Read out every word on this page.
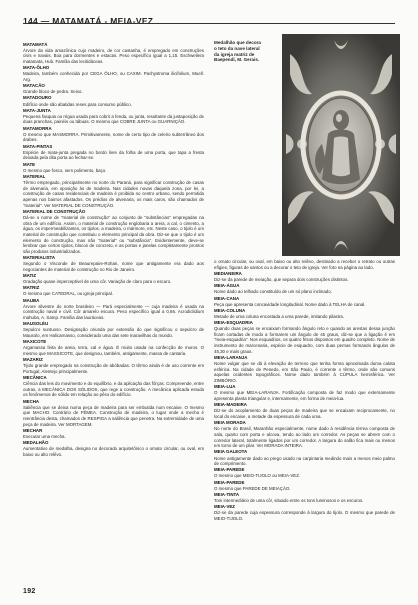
144 — MATAMATÁ - MEIA-VEZ

MATAMATÁ

Árvore da vida amazônica cujo madeiro, de cor castanha, é empregado em construções civis e navais. Boa para dormentes e estacas. Peso específico igual a 1,15. Eschweilera matamata, Hub. Família das lecitidáceas.

MATA-ÔLHO

Madeira, também conhecida por CEGA ÔLHO, ou CAXIM. Pachystroma ilicifolium, Muell. Arg.

MATACÃO

Grande bloco de pedra. Seixo.

MATADOURO

Edifício onde são abatidas reses para consumo público.

MATA-JUNTA

Pequena fasquia ou régua usada para cobrir a fenda, ou junta, resultante da justaposição de duas pranchas, painéis ou tábuas. O mesmo que COBRE JUNTA ou GUARNIÇÃO.

MATAMORRA

O mesmo que MASMORRA. Primitivamente, nome de certo tipo de celeiro subterrâneo dos árabes.

MATA-PINTAS

Espécie de mata-junta pregada no bordo livre da folha de uma porta, que tapa a fresta deixada pela dita porta ao fechar-se.

MATE

O mesmo que fosco, sem polimento, baço.

MATERIAL

Têrmo empregado, principalmente no norte do Paraná, para significar construção de casas de alvenaria, em oposição às de madeira. Nas cidades novas daquela zona, por lei, a construção de casas residenciais de madeira é proibida no centro urbano, sendo permitida apenas nos bairros afastados. Os prédios de alvenaria, os mais caros, são chamados de "material". Ver MATERIAL DE CONSTRUÇÃO.

MATERIAL DE CONSTRUÇÃO

Dá-se o nome de "material de construção" ao conjunto de "substâncias" empregadas na obra de um edifício. Assim, o material de construção englobaria a areia, a cal, o cimento, a água, os impermeabilizantes, os tijolos, a madeira, o mármore, etc. Neste caso, o tijolo é um material de construção que constituiu o elemento principal da obra. Diz-se que o tijolo é um elemento de construção, mas não "material" ou "substância". Evidentemente, deve-se lembrar que certos tijolos, blocos de concreto, e as portas e janelas completamente prontos são produtos industrializados.

MATERIALISTA

Segundo o Visconde de Beaurepaire-Rohan, nome que antigamente era dado aos negociantes de material de construção no Rio de Janeiro.

MATIZ

Gradação quase imperceptível de uma côr. Variação de claro para o escuro.

MATRIZ

O mesmo que CATEDRAL, ou igreja principal.

MAUBA

Árvore silvestre do norte brasileiro — Pará especialmente — cuja madeira é usada na construção naval e civil. Côr amarelo escura. Peso específico igual a 0,66. Acrodiclidium mahuba, A. Samp. Família das lauráceas.

MAUSOLÉU

Sepulcro suntuoso. Designação oriunda por extensão do que significou o sepulcro de Mausolo, em Halicarnasso, considerado uma das sete maravilhas do mundo.

MAXICOTE

Argamassa feita de areia, terra, cal e água. É muito usada na confecção de muros. O mesmo que MASSICOTE, que designou, também, antigamente, massa de cantaria.

MAZARIZ

Tijolo grande empregado na construção de abóbadas. O têrmo ainda é de uso corrente em Portugal, Alentejo principalmente.

MECÂNICA

Ciência das leis do movimento e do equilíbrio, e da aplicação das fôrças. Compreende, entre outras, a MECÂNICA DOS SÓLIDOS, que rege a construção. A mecânica aplicada estuda os fenômenos de sólido em relação ao pêso do edifício.

MECHA

Saliência que se deixa numa peça de madeira para ser embutida num encaixe. O mesmo que MACHO. Contrário de FÊMEA. Construção de madeira, o lugar onde a mecha é reentrância desta, chamados de RESPIGA a saliência que penetra. Na extremidade de uma peça de madeira. Ver MORTAGEM.

MECHAR

Executar uma mecha.

MEDALHÃO

Aumentativo de medalha, designa no decorado arquitetônico o ornato circular, ou oval, em baixo ou alto relêvo.

Medalhão que decora

o teto da nave lateral

da igreja matriz de

Baependi, M. Gerais.

o ornato circular, ou oval, em baixo ou alto relêvo, destinado a receber o retrato ou outras efígies, figuras de santos ou a decorar o teto de igreja. Ver foto na página ao lado.

MEDIANEIRA

Diz-se da parede de meiação, que separa dois construções distintos.

MEIA-ÁGUA

Nome dado ao telhado constituído de um só plano inclinado.

MEIA-CANA

Peça que apresenta concavidade longitudinal. Nome dado à TELHA de canal.

MEIA-COLUNA

Metade de uma coluna encostada a uma parede, imitando pilastra.

MEIA-ESQUADRIA

Quando duas peças se encaixam formando ângulo reto e quando as arestas dessa junção ficam cortadas de modo a formarem um ângulo de 45 graus, diz-se que a ligação é em "meia-esquadria". Nos esquadrios, os quatro frisos dispostos em quadro completo. Nome de instrumento de marcenaria, espécie de esquadro, com duas pernas formando ângulos de 45,30 e mais graus.

MEIA-LARANJA

Nome vulgar que se dá à elevação de terreno que tenha forma aproximada duma calota esférica. Na cidade de Penedo, em São Paulo, é corrente o têrmo, onde são comuns aquelas ocidentes topográficos. Nome dado também à CÚPULA hemisférica. Ver ZIMBÓRIO.

MEIA-LUA

O mesmo que MEIA-LARANJA. Fortificação composta de faz modo que externamente apresenta planta triangular e, internamente, em forma de meia-lua.

MEIA-MADEIRA

Diz-se do acoplamento de duas peças de madeira que se encaixam reciprocamente, no local do encaixe, a metade da espessura de cada uma.

MEIA MORADA

No norte do Brasil, Maranhão especialmente, nome dado à residência térrea composta de sala, quarto com porta e alcova, tendo ao lado um corredor. As peças se abrem com o corredor lateral, totalmente ligados por um corredor. A largura do salão fica mais ou menos em torno de um pilar. Ver MORADA INTEIRA.

MEIA GALEOTA

Nome antigamente dado ao prego usado na carpintaria medindo mais a menos meio palmo de comprimento.

MEIA-PAREDE

O mesmo que MEIO-TIJOLO ou MEIA-VEZ.

MEIA-PAREDE

O mesmo que PAREDE DE MEIAÇÃO.

MEIA-TINTA

Tom intermediário de uma côr, situado entre os tons luminosos e os escuros.

MEIA-VEZ

Diz-se da parede cuja espessura corresponde à largura do tijolo. O mesmo que parede de MEIO-TIJOLO.

192
